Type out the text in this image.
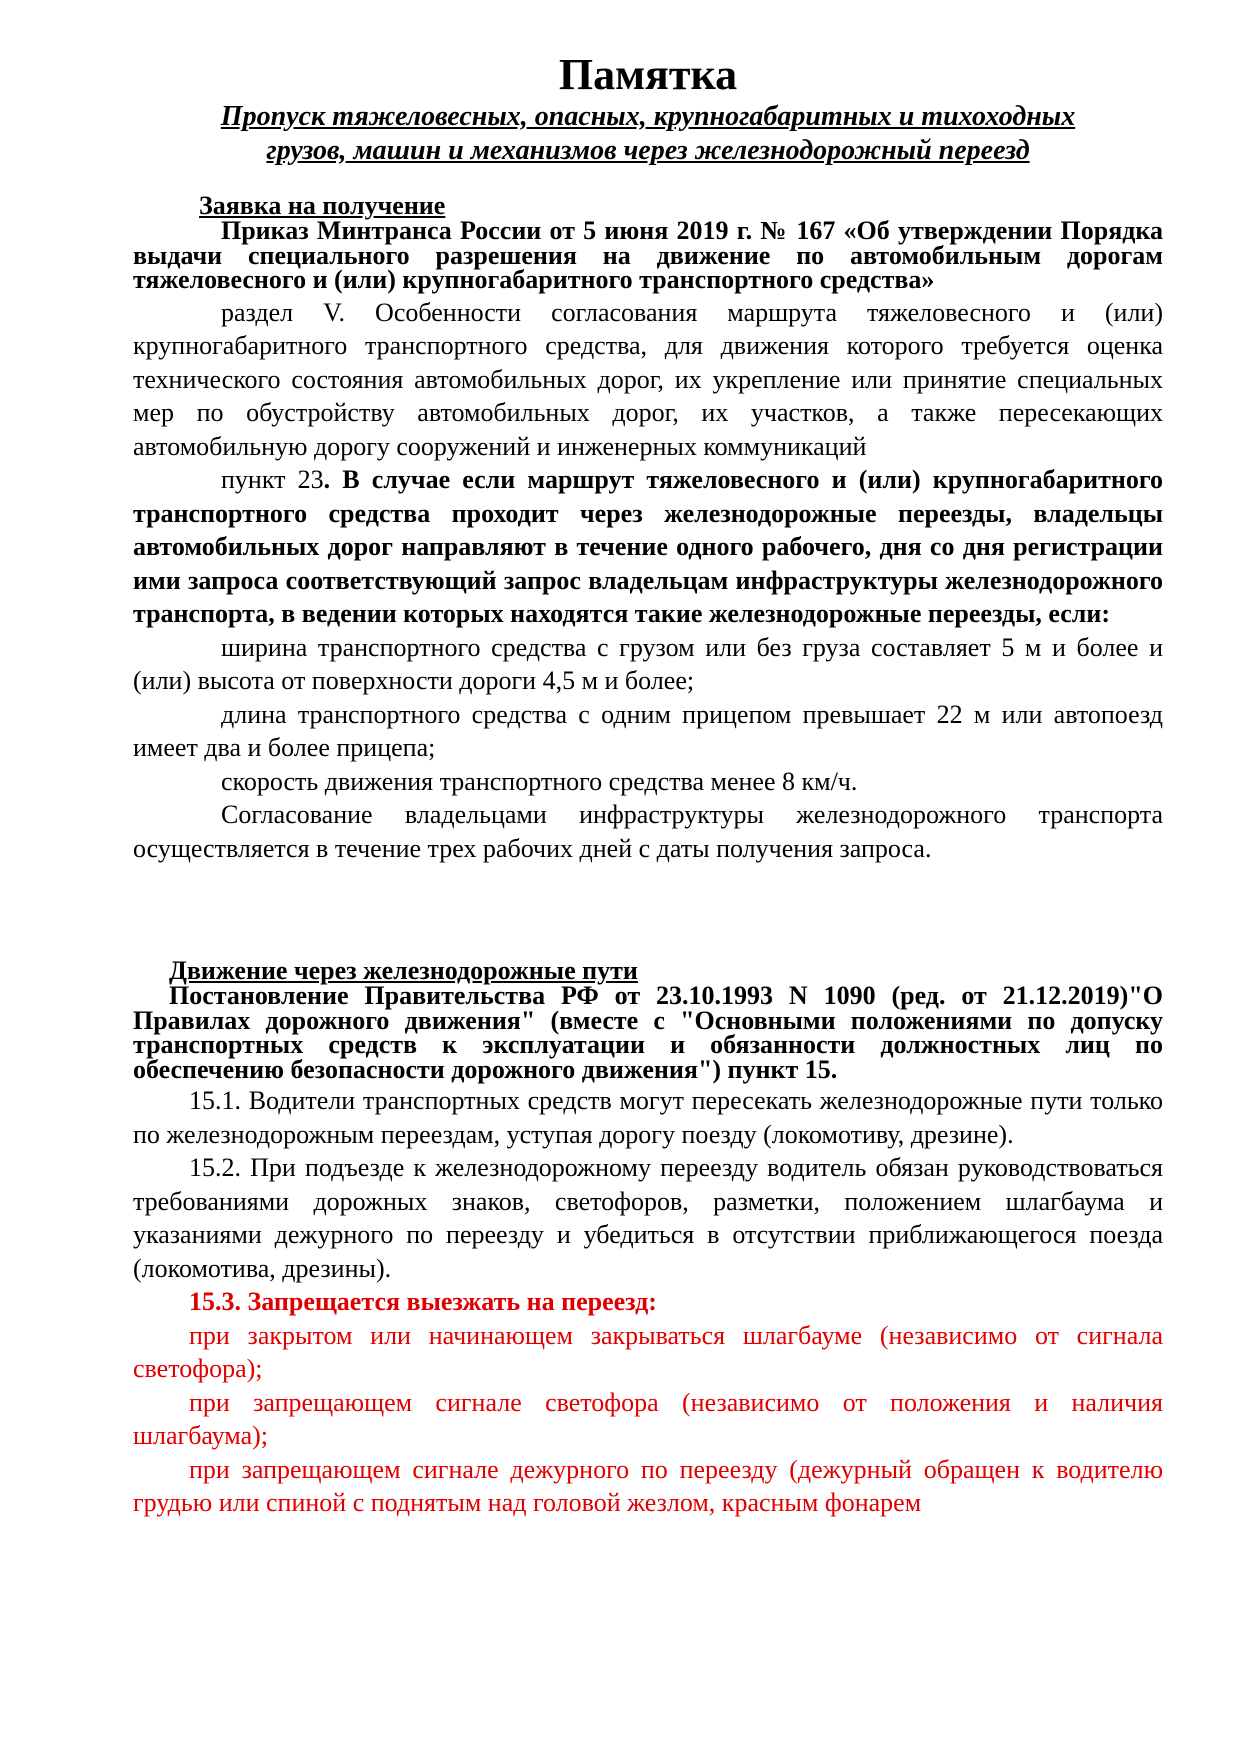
Памятка
Пропуск тяжеловесных, опасных, крупногабаритных и тихоходных
грузов, машин и механизмов через железнодорожный переезд

Заявка на получение

Приказ Минтранса России от 5 июня 2019 г. № 167 «Об утверждении Порядка выдачи специального разрешения на движение по автомобильным дорогам тяжеловесного и (или) крупногабаритного транспортного средства»

раздел V. Особенности согласования маршрута тяжеловесного и (или) крупногабаритного транспортного средства, для движения которого требуется оценка технического состояния автомобильных дорог, их укрепление или принятие специальных мер по обустройству автомобильных дорог, их участков, а также пересекающих автомобильную дорогу сооружений и инженерных коммуникаций

пункт 23. В случае если маршрут тяжеловесного и (или) крупногабаритного транспортного средства проходит через железнодорожные переезды, владельцы автомобильных дорог направляют в течение одного рабочего, дня со дня регистрации ими запроса соответствующий запрос владельцам инфраструктуры железнодорожного транспорта, в ведении которых находятся такие железнодорожные переезды, если:

ширина транспортного средства с грузом или без груза составляет 5 м и более и (или) высота от поверхности дороги 4,5 м и более;

длина транспортного средства с одним прицепом превышает 22 м или автопоезд имеет два и более прицепа;

скорость движения транспортного средства менее 8 км/ч.

Согласование владельцами инфраструктуры железнодорожного транспорта осуществляется в течение трех рабочих дней с даты получения запроса.

Движение через железнодорожные пути

Постановление Правительства РФ от 23.10.1993 N 1090 (ред. от 21.12.2019)"О Правилах дорожного движения" (вместе с "Основными положениями по допуску транспортных средств к эксплуатации и обязанности должностных лиц по обеспечению безопасности дорожного движения") пункт 15.

15.1. Водители транспортных средств могут пересекать железнодорожные пути только по железнодорожным переездам, уступая дорогу поезду (локомотиву, дрезине).

15.2. При подъезде к железнодорожному переезду водитель обязан руководствоваться требованиями дорожных знаков, светофоров, разметки, положением шлагбаума и указаниями дежурного по переезду и убедиться в отсутствии приближающегося поезда (локомотива, дрезины).

15.3. Запрещается выезжать на переезд:

при закрытом или начинающем закрываться шлагбауме (независимо от сигнала светофора);

при запрещающем сигнале светофора (независимо от положения и наличия шлагбаума);

при запрещающем сигнале дежурного по переезду (дежурный обращен к водителю грудью или спиной с поднятым над головой жезлом, красным фонарем
